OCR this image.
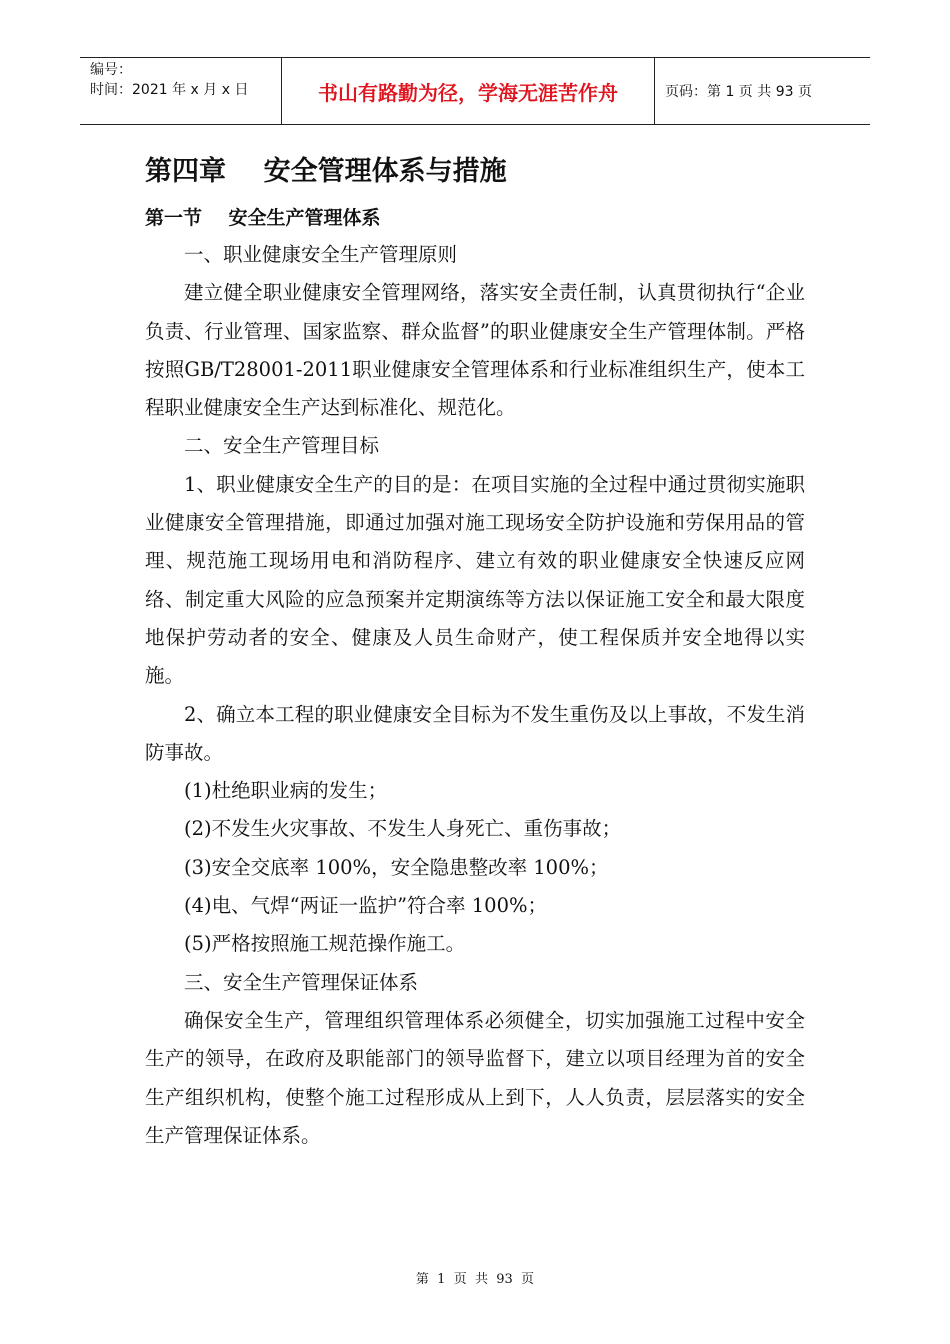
编号：
时间：2021 年 x 月 x 日	书山有路勤为径，学海无涯苦作舟	页码：第 1 页 共 93 页
第四章    安全管理体系与措施
第一节    安全生产管理体系

一、职业健康安全生产管理原则

建立健全职业健康安全管理网络，落实安全责任制，认真贯彻执行“企业负责、行业管理、国家监察、群众监督”的职业健康安全生产管理体制。严格按照GB/T28001-2011职业健康安全管理体系和行业标准组织生产，使本工程职业健康安全生产达到标准化、规范化。

二、安全生产管理目标

1、职业健康安全生产的目的是：在项目实施的全过程中通过贯彻实施职业健康安全管理措施，即通过加强对施工现场安全防护设施和劳保用品的管理、规范施工现场用电和消防程序、建立有效的职业健康安全快速反应网络、制定重大风险的应急预案并定期演练等方法以保证施工安全和最大限度地保护劳动者的安全、健康及人员生命财产，使工程保质并安全地得以实施。

2、确立本工程的职业健康安全目标为不发生重伤及以上事故，不发生消防事故。

(1)杜绝职业病的发生；

(2)不发生火灾事故、不发生人身死亡、重伤事故；

(3)安全交底率 100%，安全隐患整改率 100%；

(4)电、气焊“两证一监护”符合率 100%；

(5)严格按照施工规范操作施工。

三、安全生产管理保证体系

确保安全生产，管理组织管理体系必须健全，切实加强施工过程中安全生产的领导，在政府及职能部门的领导监督下，建立以项目经理为首的安全生产组织机构，使整个施工过程形成从上到下，人人负责，层层落实的安全生产管理保证体系。

第  1  页  共  93  页
